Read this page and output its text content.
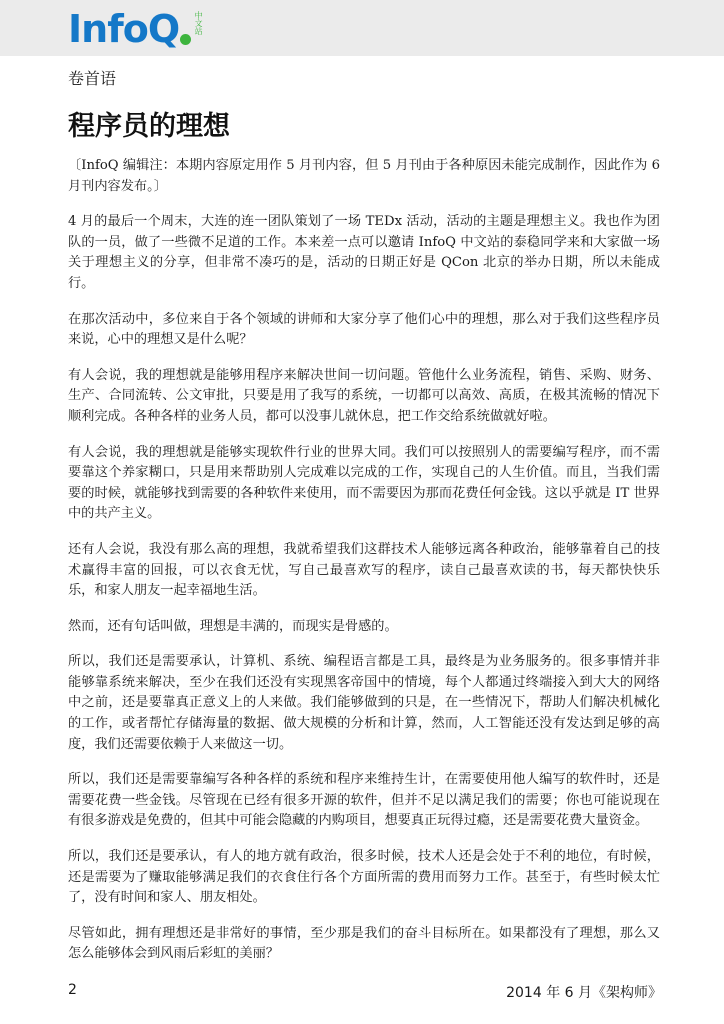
InfoQ 中文站
卷首语
程序员的理想

〔InfoQ 编辑注：本期内容原定用作 5 月刊内容，但 5 月刊由于各种原因未能完成制作，因此作为 6 月刊内容发布。〕

4 月的最后一个周末，大连的连一团队策划了一场 TEDx 活动，活动的主题是理想主义。我也作为团队的一员，做了一些微不足道的工作。本来差一点可以邀请 InfoQ 中文站的泰稳同学来和大家做一场关于理想主义的分享，但非常不凑巧的是，活动的日期正好是 QCon 北京的举办日期，所以未能成行。

在那次活动中，多位来自于各个领域的讲师和大家分享了他们心中的理想，那么对于我们这些程序员来说，心中的理想又是什么呢？

有人会说，我的理想就是能够用程序来解决世间一切问题。管他什么业务流程，销售、采购、财务、生产、合同流转、公文审批，只要是用了我写的系统，一切都可以高效、高质，在极其流畅的情况下顺利完成。各种各样的业务人员，都可以没事儿就休息，把工作交给系统做就好啦。

有人会说，我的理想就是能够实现软件行业的世界大同。我们可以按照别人的需要编写程序，而不需要靠这个养家糊口，只是用来帮助别人完成难以完成的工作，实现自己的人生价值。而且，当我们需要的时候，就能够找到需要的各种软件来使用，而不需要因为那而花费任何金钱。这以乎就是 IT 世界中的共产主义。

还有人会说，我没有那么高的理想，我就希望我们这群技术人能够远离各种政治，能够靠着自己的技术赢得丰富的回报，可以衣食无忧，写自己最喜欢写的程序，读自己最喜欢读的书，每天都快快乐乐，和家人朋友一起幸福地生活。

然而，还有句话叫做，理想是丰满的，而现实是骨感的。

所以，我们还是需要承认，计算机、系统、编程语言都是工具，最终是为业务服务的。很多事情并非能够靠系统来解决，至少在我们还没有实现黑客帝国中的情境，每个人都通过终端接入到大大的网络中之前，还是要靠真正意义上的人来做。我们能够做到的只是，在一些情况下，帮助人们解决机械化的工作，或者帮忙存储海量的数据、做大规模的分析和计算，然而，人工智能还没有发达到足够的高度，我们还需要依赖于人来做这一切。

所以，我们还是需要靠编写各种各样的系统和程序来维持生计，在需要使用他人编写的软件时，还是需要花费一些金钱。尽管现在已经有很多开源的软件，但并不足以满足我们的需要；你也可能说现在有很多游戏是免费的，但其中可能会隐藏的内购项目，想要真正玩得过瘾，还是需要花费大量资金。

所以，我们还是要承认，有人的地方就有政治，很多时候，技术人还是会处于不利的地位，有时候，还是需要为了赚取能够满足我们的衣食住行各个方面所需的费用而努力工作。甚至于，有些时候太忙了，没有时间和家人、朋友相处。

尽管如此，拥有理想还是非常好的事情，至少那是我们的奋斗目标所在。如果都没有了理想，那么又怎么能够体会到风雨后彩虹的美丽？

2	2014 年 6 月《架构师》
